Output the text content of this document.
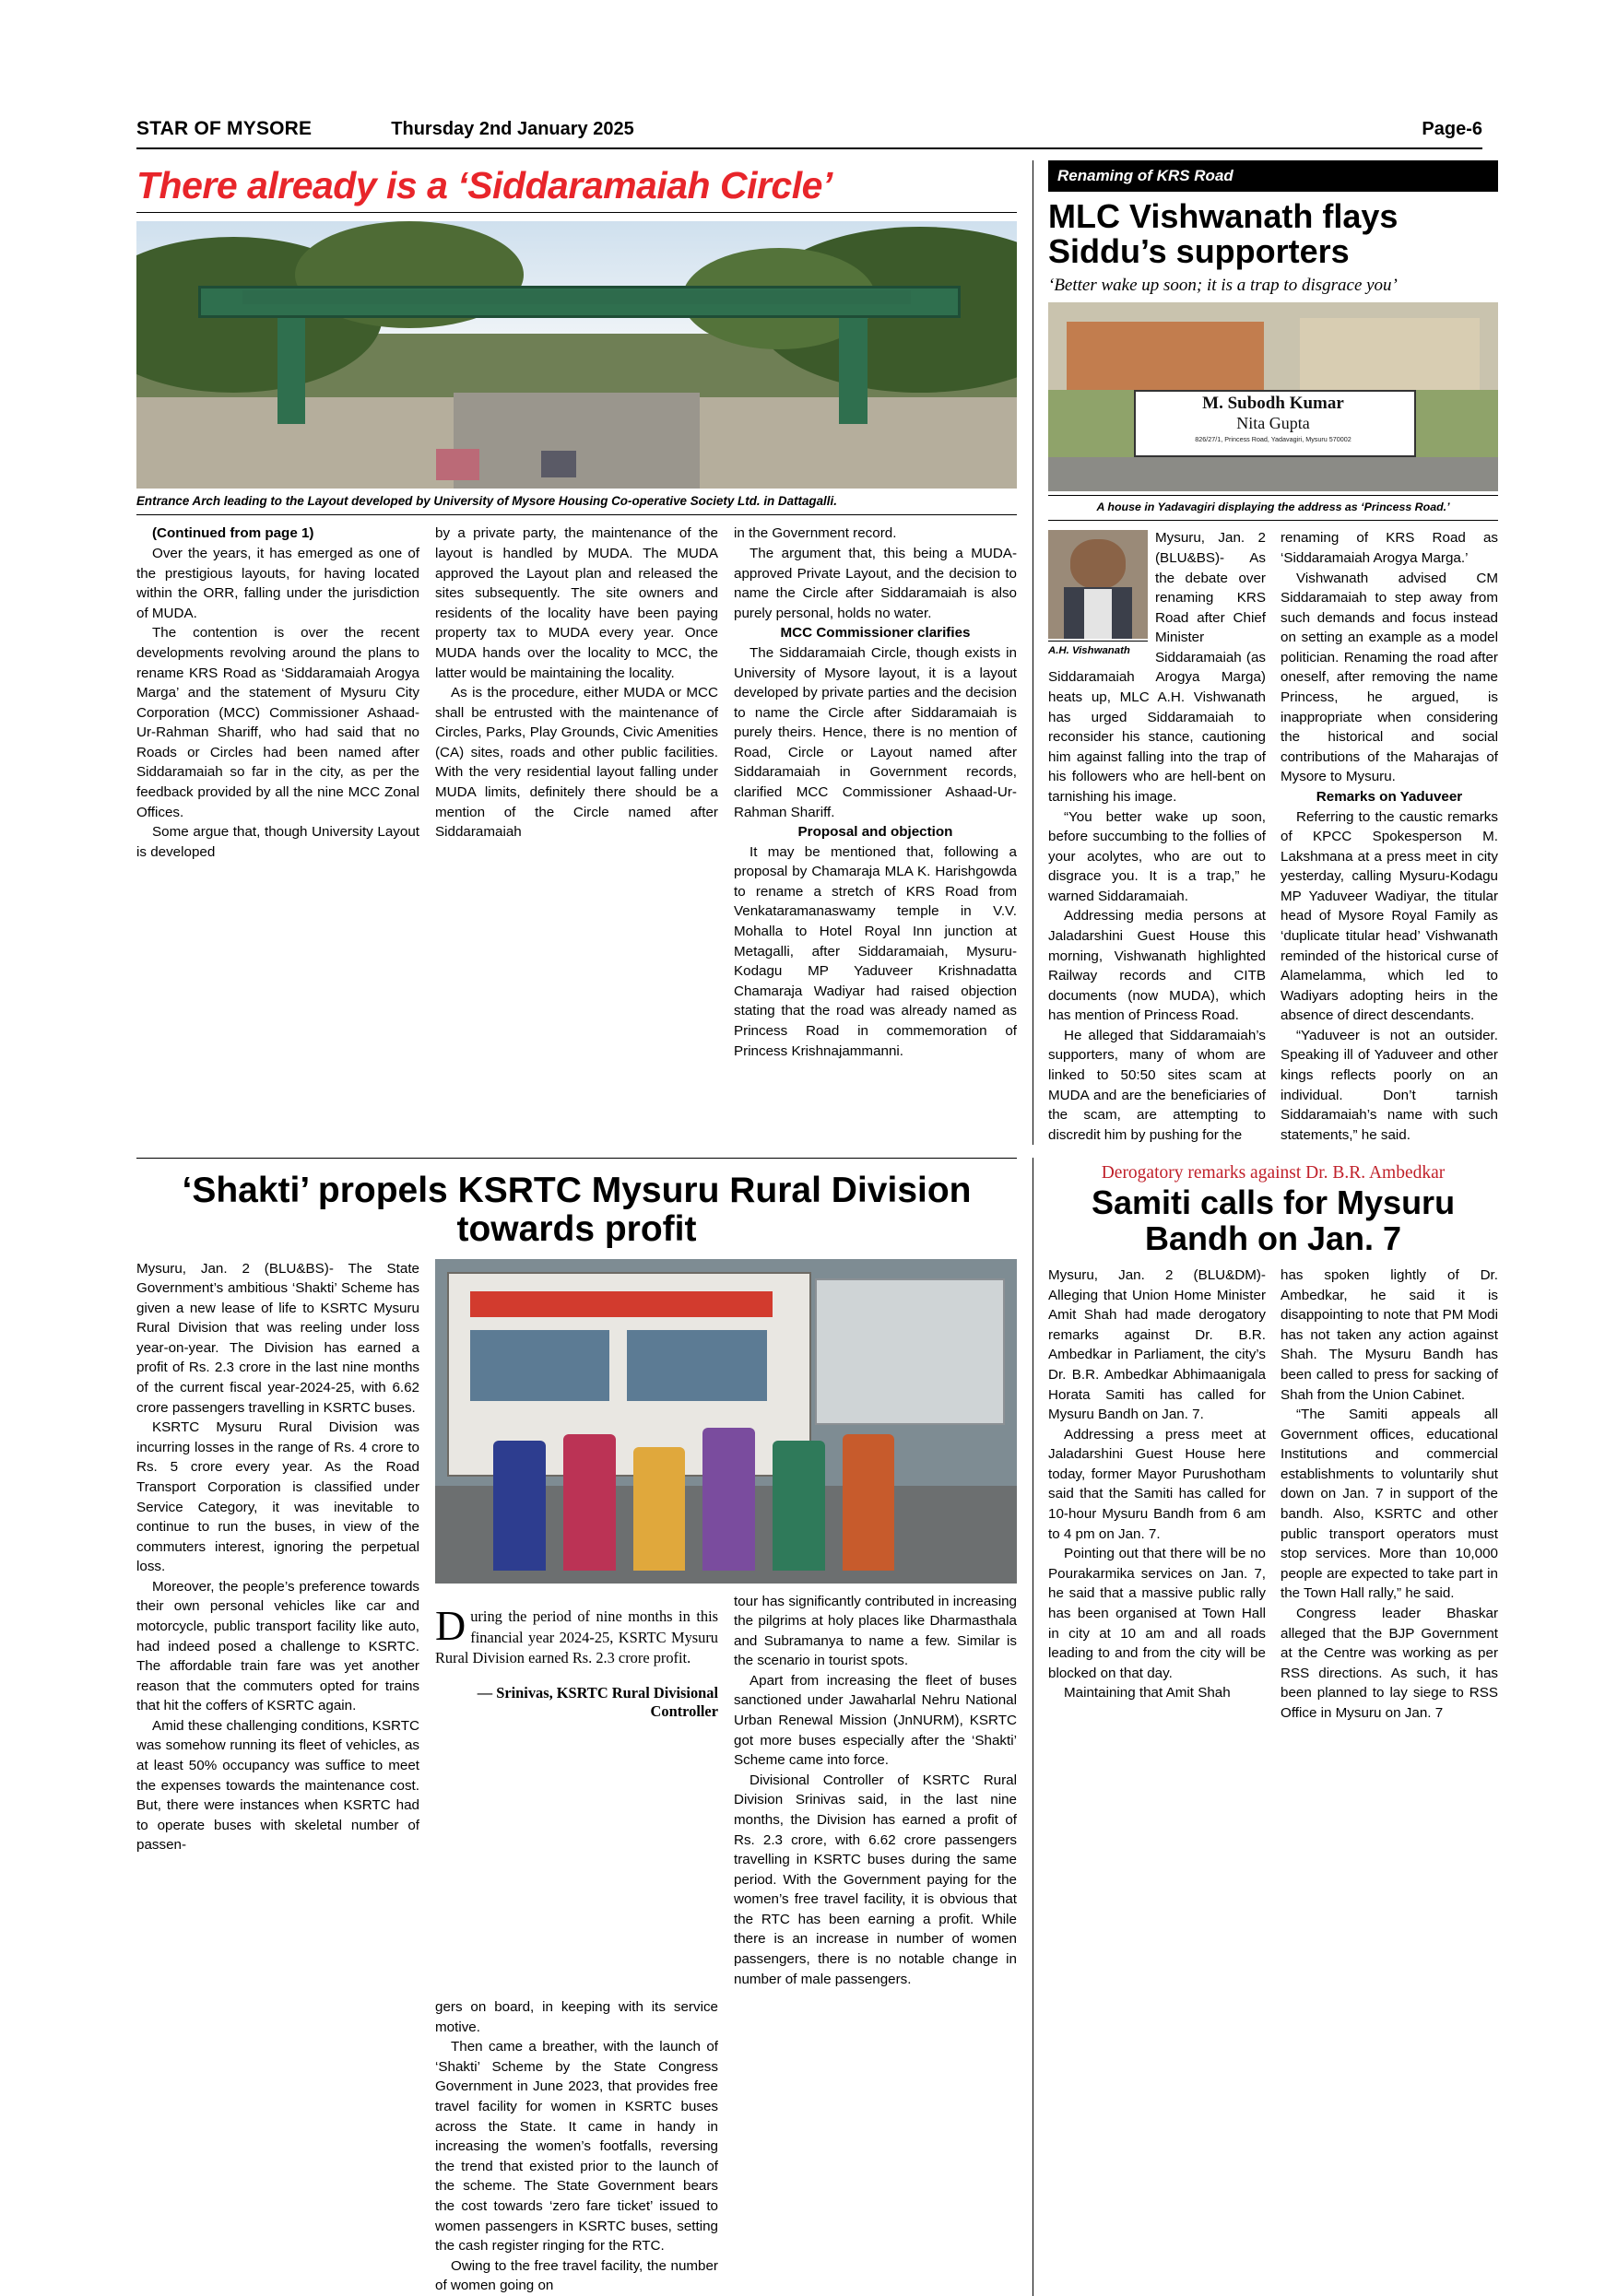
STAR OF MYSORE	Thursday 2nd January 2025	Page-6
There already is a ‘Siddaramaiah Circle’
Entrance Arch leading to the Layout developed by University of Mysore Housing Co-operative Society Ltd. in Dattagalli.

(Continued from page 1)

Over the years, it has emerged as one of the prestigious layouts, for having located within the ORR, falling under the jurisdiction of MUDA.

The contention is over the recent developments revolving around the plans to rename KRS Road as ‘Siddaramaiah Arogya Marga’ and the statement of Mysuru City Corporation (MCC) Commissioner Ashaad-Ur-Rahman Shariff, who had said that no Roads or Circles had been named after Siddaramaiah so far in the city, as per the feedback provided by all the nine MCC Zonal Offices.

Some argue that, though University Layout is developed

by a private party, the maintenance of the layout is handled by MUDA. The MUDA approved the Layout plan and released the sites subsequently. The site owners and residents of the locality have been paying property tax to MUDA every year. Once MUDA hands over the locality to MCC, the latter would be maintaining the locality.

As is the procedure, either MUDA or MCC shall be entrusted with the maintenance of Circles, Parks, Play Grounds, Civic Amenities (CA) sites, roads and other public facilities. With the very residential layout falling under MUDA limits, definitely there should be a mention of the Circle named after Siddaramaiah

in the Government record.

The argument that, this being a MUDA-approved Private Layout, and the decision to name the Circle after Siddaramaiah is also purely personal, holds no water.

MCC Commissioner clarifies

The Siddaramaiah Circle, though exists in University of Mysore layout, it is a layout developed by private parties and the decision to name the Circle after Siddaramaiah is purely theirs. Hence, there is no mention of Road, Circle or Layout named after Siddaramaiah in Government records, clarified MCC Commissioner Ashaad-Ur-Rahman Shariff.

Proposal and objection

It may be mentioned that, following a proposal by Chamaraja MLA K. Harishgowda to rename a stretch of KRS Road from Venkataramanaswamy temple in V.V. Mohalla to Hotel Royal Inn junction at Metagalli, after Siddaramaiah, Mysuru-Kodagu MP Yaduveer Krishnadatta Chamaraja Wadiyar had raised objection stating that the road was already named as Princess Road in commemoration of Princess Krishnajammanni.

Renaming of KRS Road
MLC Vishwanath flays Siddu’s supporters
‘Better wake up soon; it is a trap to disgrace you’
M. Subodh Kumar
Nita Gupta
826/27/1, Princess Road, Yadavagiri, Mysuru 570002
A house in Yadavagiri displaying the address as ‘Princess Road.’
A.H. Vishwanath

Mysuru, Jan. 2 (BLU&BS)- As the debate over renaming KRS Road after Chief Minister Siddaramaiah (as Siddaramaiah Arogya Marga) heats up, MLC A.H. Vishwanath has urged Siddaramaiah to reconsider his stance, cautioning him against falling into the trap of his followers who are hell-bent on tarnishing his image.

“You better wake up soon, before succumbing to the follies of your acolytes, who are out to disgrace you. It is a trap,” he warned Siddaramaiah.

Addressing media persons at Jaladarshini Guest House this morning, Vishwanath highlighted Railway records and CITB documents (now MUDA), which has mention of Princess Road.

He alleged that Siddaramaiah’s supporters, many of whom are linked to 50:50 sites scam at MUDA and are the beneficiaries of the scam, are attempting to discredit him by pushing for the

renaming of KRS Road as ‘Siddaramaiah Arogya Marga.’

Vishwanath advised CM Siddaramaiah to step away from such demands and focus instead on setting an example as a model politician. Renaming the road after oneself, after removing the name Princess, he argued, is inappropriate when considering the historical and social contributions of the Maharajas of Mysore to Mysuru.

Remarks on Yaduveer

Referring to the caustic remarks of KPCC Spokesperson M. Lakshmana at a press meet in city yesterday, calling Mysuru-Kodagu MP Yaduveer Wadiyar, the titular head of Mysore Royal Family as ‘duplicate titular head’ Vishwanath reminded of the historical curse of Alamelamma, which led to Wadiyars adopting heirs in the absence of direct descendants.

“Yaduveer is not an outsider. Speaking ill of Yaduveer and other kings reflects poorly on an individual. Don’t tarnish Siddaramaiah’s name with such statements,” he said.

‘Shakti’ propels KSRTC Mysuru Rural Division towards profit

Mysuru, Jan. 2 (BLU&BS)- The State Government’s ambitious ‘Shakti’ Scheme has given a new lease of life to KSRTC Mysuru Rural Division that was reeling under loss year-on-year. The Division has earned a profit of Rs. 2.3 crore in the last nine months of the current fiscal year-2024-25, with 6.62 crore passengers travelling in KSRTC buses.

KSRTC Mysuru Rural Division was incurring losses in the range of Rs. 4 crore to Rs. 5 crore every year. As the Road Transport Corporation is classified under Service Category, it was inevitable to continue to run the buses, in view of the commuters interest, ignoring the perpetual loss.

Moreover, the people’s preference towards their own personal vehicles like car and motorcycle, public transport facility like auto, had indeed posed a challenge to KSRTC. The affordable train fare was yet another reason that the commuters opted for trains that hit the coffers of KSRTC again.

Amid these challenging conditions, KSRTC was somehow running its fleet of vehicles, as at least 50% occupancy was suffice to meet the expenses towards the maintenance cost. But, there were instances when KSRTC had to operate buses with skeletal number of passen-

During the period of nine months in this financial year 2024-25, KSRTC Mysuru Rural Division earned Rs. 2.3 crore profit.

— Srinivas, KSRTC Rural Divisional Controller

tour has significantly contributed in increasing the pilgrims at holy places like Dharmasthala and Subramanya to name a few. Similar is the scenario in tourist spots.

Apart from increasing the fleet of buses sanctioned under Jawaharlal Nehru National Urban Renewal Mission (JnNURM), KSRTC got more buses especially after the ‘Shakti’ Scheme came into force.

Divisional Controller of KSRTC Rural Division Srinivas said, in the last nine months, the Division has earned a profit of Rs. 2.3 crore, with 6.62 crore passengers travelling in KSRTC buses during the same period. With the Government paying for the women’s free travel facility, it is obvious that the RTC has been earning a profit. While there is an increase in number of women passengers, there is no notable change in number of male passengers.

gers on board, in keeping with its service motive.

Then came a breather, with the launch of ‘Shakti’ Scheme by the State Congress Government in June 2023, that provides free travel facility for women in KSRTC buses across the State. It came in handy in increasing the women’s footfalls, reversing the trend that existed prior to the launch of the scheme. The State Government bears the cost towards ‘zero fare ticket’ issued to women passengers in KSRTC buses, setting the cash register ringing for the RTC.

Owing to the free travel facility, the number of women going on

Derogatory remarks against Dr. B.R. Ambedkar
Samiti calls for Mysuru Bandh on Jan. 7

Mysuru, Jan. 2 (BLU&DM)- Alleging that Union Home Minister Amit Shah had made derogatory remarks against Dr. B.R. Ambedkar in Parliament, the city’s Dr. B.R. Ambedkar Abhimaanigala Horata Samiti has called for Mysuru Bandh on Jan. 7.

Addressing a press meet at Jaladarshini Guest House here today, former Mayor Purushotham said that the Samiti has called for 10-hour Mysuru Bandh from 6 am to 4 pm on Jan. 7.

Pointing out that there will be no Pourakarmika services on Jan. 7, he said that a massive public rally has been organised at Town Hall in city at 10 am and all roads leading to and from the city will be blocked on that day.

Maintaining that Amit Shah

has spoken lightly of Dr. Ambedkar, he said it is disappointing to note that PM Modi has not taken any action against Shah. The Mysuru Bandh has been called to press for sacking of Shah from the Union Cabinet.

“The Samiti appeals all Government offices, educational Institutions and commercial establishments to voluntarily shut down on Jan. 7 in support of the bandh. Also, KSRTC and other public transport operators must stop services. More than 10,000 people are expected to take part in the Town Hall rally,” he said.

Congress leader Bhaskar alleged that the BJP Government at the Centre was working as per RSS directions. As such, it has been planned to lay siege to RSS Office in Mysuru on Jan. 7
